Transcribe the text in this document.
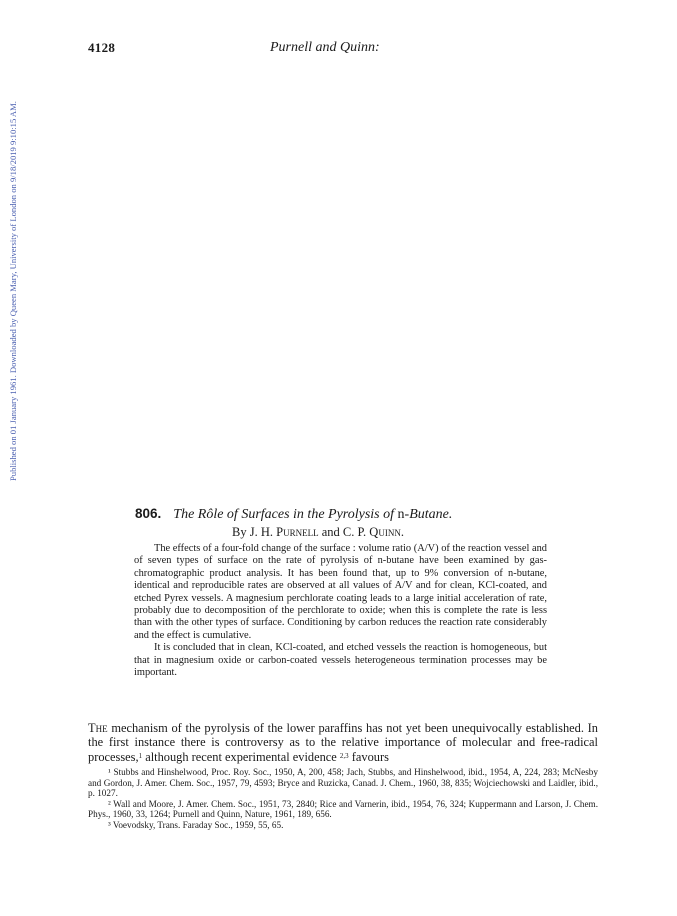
Published on 01 January 1961. Downloaded by Queen Mary, University of London on 9/18/2019 9:10:15 AM.
4128	Purnell and Quinn:
806. The Rôle of Surfaces in the Pyrolysis of n-Butane.
By J. H. Purnell and C. P. Quinn.

The effects of a four-fold change of the surface : volume ratio (A/V) of the reaction vessel and of seven types of surface on the rate of pyrolysis of n-butane have been examined by gas-chromatographic product analysis. It has been found that, up to 9% conversion of n-butane, identical and reproducible rates are observed at all values of A/V and for clean, KCl-coated, and etched Pyrex vessels. A magnesium perchlorate coating leads to a large initial acceleration of rate, probably due to decomposition of the perchlorate to oxide; when this is complete the rate is less than with the other types of surface. Conditioning by carbon reduces the reaction rate considerably and the effect is cumulative.

It is concluded that in clean, KCl-coated, and etched vessels the reaction is homogeneous, but that in magnesium oxide or carbon-coated vessels heterogeneous termination processes may be important.

The mechanism of the pyrolysis of the lower paraffins has not yet been unequivocally established. In the first instance there is controversy as to the relative importance of molecular and free-radical processes,$^1$ although recent experimental evidence $^{2,3}$ favours

¹ Stubbs and Hinshelwood, Proc. Roy. Soc., 1950, A, 200, 458; Jach, Stubbs, and Hinshelwood, ibid., 1954, A, 224, 283; McNesby and Gordon, J. Amer. Chem. Soc., 1957, 79, 4593; Bryce and Ruzicka, Canad. J. Chem., 1960, 38, 835; Wojciechowski and Laidler, ibid., p. 1027.

² Wall and Moore, J. Amer. Chem. Soc., 1951, 73, 2840; Rice and Varnerin, ibid., 1954, 76, 324; Kuppermann and Larson, J. Chem. Phys., 1960, 33, 1264; Purnell and Quinn, Nature, 1961, 189, 656.

³ Voevodsky, Trans. Faraday Soc., 1959, 55, 65.
